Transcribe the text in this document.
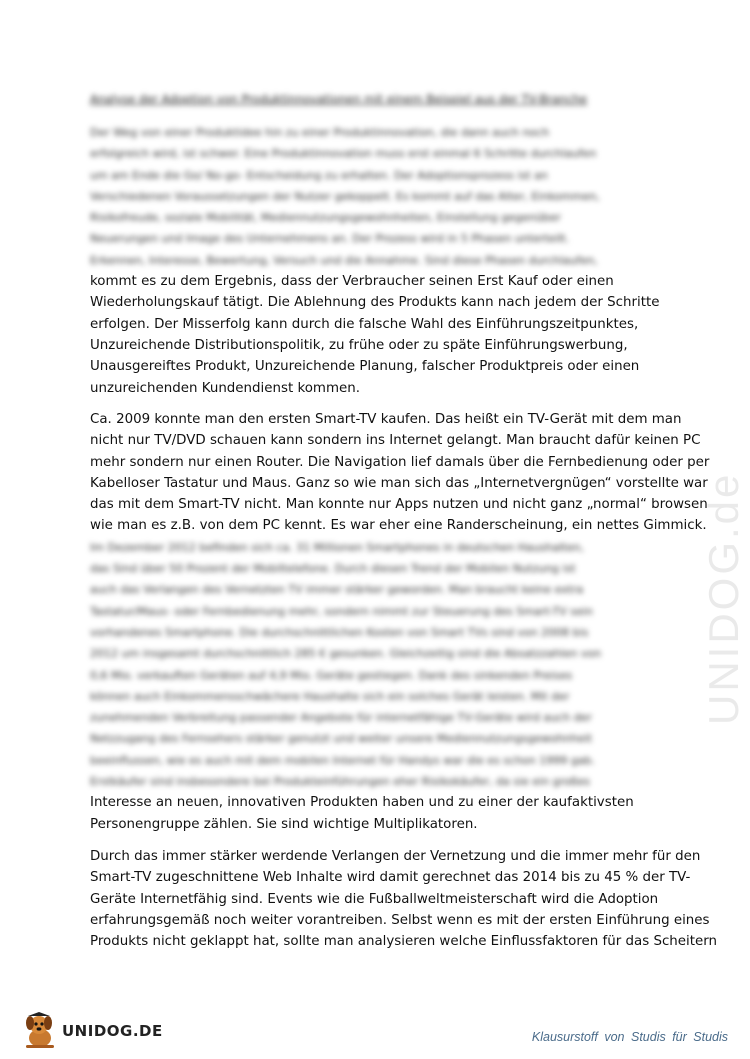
Analyse der Adoption von Produktinnovationen mit einem Beispiel aus der TV-Branche
Der Weg von einer Produktidee hin zu einer Produktinnovation, die dann auch noch
erfolgreich wird, ist schwer. Eine Produktinnovation muss erst einmal 6 Schritte durchlaufen
um am Ende die Go/ No-go- Entscheidung zu erhalten. Der Adoptionsprozess ist an
Verschiedenen Voraussetzungen der Nutzer gekoppelt. Es kommt auf das Alter, Einkommen,
Risikofreude, soziale Mobilität, Mediennutzungsgewohnheiten, Einstellung gegenüber
Neuerungen und Image des Unternehmens an. Der Prozess wird in 5 Phasen unterteilt.
Erkennen, Interesse, Bewertung, Versuch und die Annahme. Sind diese Phasen durchlaufen,
kommt es zu dem Ergebnis, dass der Verbraucher seinen Erst Kauf oder einen
Wiederholungskauf tätigt. Die Ablehnung des Produkts kann nach jedem der Schritte
erfolgen. Der Misserfolg kann durch die falsche Wahl des Einführungszeitpunktes,
Unzureichende Distributionspolitik, zu frühe oder zu späte Einführungswerbung,
Unausgereiftes Produkt, Unzureichende Planung, falscher Produktpreis oder einen
unzureichenden Kundendienst kommen.
Ca. 2009 konnte man den ersten Smart-TV kaufen. Das heißt ein TV-Gerät mit dem man
nicht nur TV/DVD schauen kann sondern ins Internet gelangt. Man braucht dafür keinen PC
mehr sondern nur einen Router. Die Navigation lief damals über die Fernbedienung oder per
Kabelloser Tastatur und Maus. Ganz so wie man sich das „Internetvergnügen“ vorstellte war
das mit dem Smart-TV nicht. Man konnte nur Apps nutzen und nicht ganz „normal“ browsen
wie man es z.B. von dem PC kennt. Es war eher eine Randerscheinung, ein nettes Gimmick.
Im Dezember 2012 befinden sich ca. 31 Millionen Smartphones in deutschen Haushalten,
das Sind über 50 Prozent der Mobiltelefone. Durch diesen Trend der Mobilen Nutzung ist
auch das Verlangen des Vernetzten TV immer stärker geworden. Man braucht keine extra
Tastatur/Maus- oder Fernbedienung mehr, sondern nimmt zur Steuerung des Smart-TV sein
vorhandenes Smartphone. Die durchschnittlichen Kosten von Smart TVs sind von 2008 bis
2012 um insgesamt durchschnittlich 285 € gesunken. Gleichzeitig sind die Absatzzahlen von
0,6 Mio. verkauften Geräten auf 4,9 Mio. Geräte gestiegen. Dank des sinkenden Preises
können auch Einkommensschwächere Haushalte sich ein solches Gerät leisten. Mit der
zunehmenden Verbreitung passender Angebote für internetfähige TV-Geräte wird auch der
Netzzugang des Fernsehers stärker genutzt und weiter unsere Mediennutzungsgewohnheit
beeinflussen, wie es auch mit dem mobilen Internet für Handys war die es schon 1999 gab.
Erstkäufer sind insbesondere bei Produkteinführungen eher Risikokäufer, da sie ein großes
Interesse an neuen, innovativen Produkten haben und zu einer der kaufaktivsten
Personengruppe zählen. Sie sind wichtige Multiplikatoren.
Durch das immer stärker werdende Verlangen der Vernetzung und die immer mehr für den
Smart-TV zugeschnittene Web Inhalte wird damit gerechnet das 2014 bis zu 45 % der TV-
Geräte Internetfähig sind. Events wie die Fußballweltmeisterschaft wird die Adoption
erfahrungsgemäß noch weiter vorantreiben. Selbst wenn es mit der ersten Einführung eines
Produkts nicht geklappt hat, sollte man analysieren welche Einflussfaktoren für das Scheitern
UNIDOG.de
UNIDOG.DE	Klausurstoff von Studis für Studis
